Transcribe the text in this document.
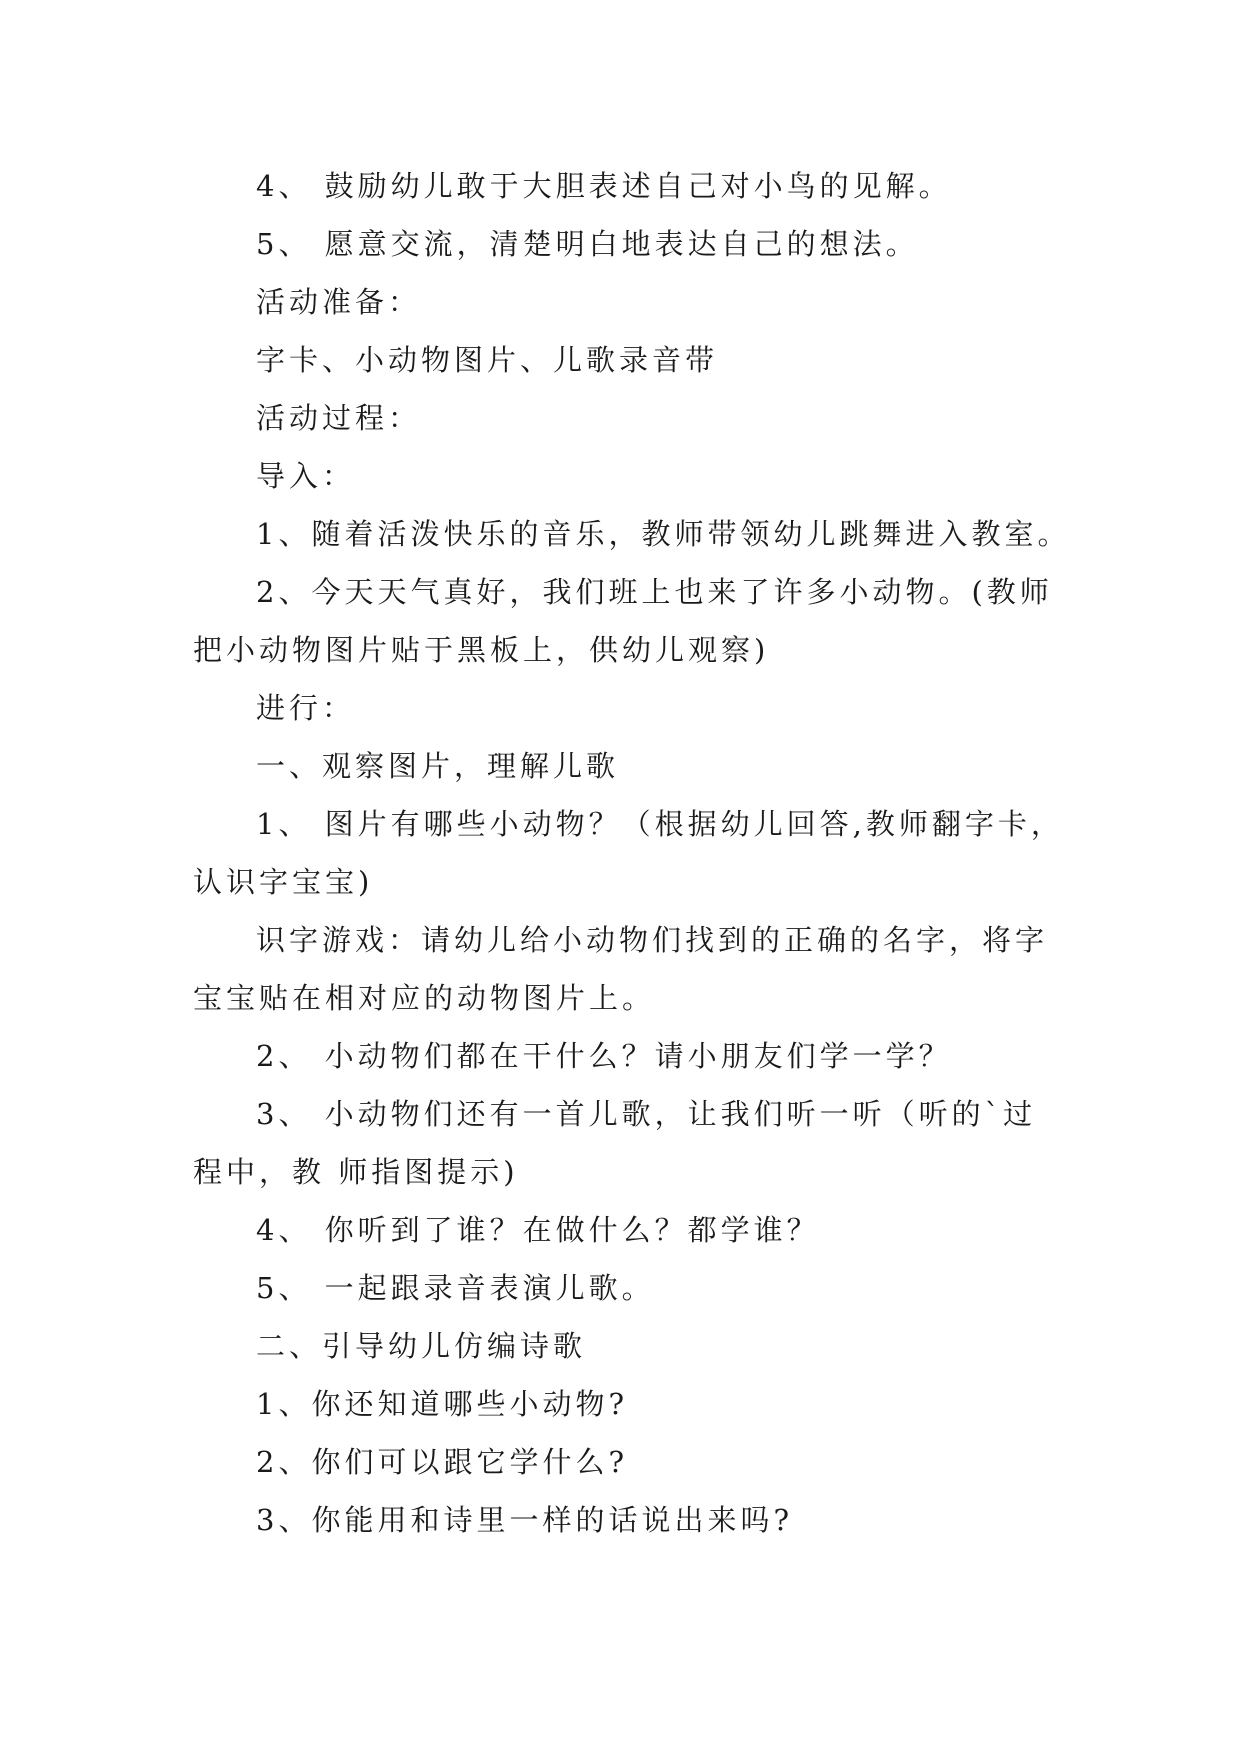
4、 鼓励幼儿敢于大胆表述自己对小鸟的见解。
5、 愿意交流，清楚明白地表达自己的想法。
活动准备：
字卡、小动物图片、儿歌录音带
活动过程：
导入：
1、随着活泼快乐的音乐，教师带领幼儿跳舞进入教室。
2、今天天气真好，我们班上也来了许多小动物。(教师
把小动物图片贴于黑板上，供幼儿观察)
进行：
一、观察图片，理解儿歌
1、 图片有哪些小动物？（根据幼儿回答,教师翻字卡，
认识字宝宝)
识字游戏：请幼儿给小动物们找到的正确的名字，将字
宝宝贴在相对应的动物图片上。
2、 小动物们都在干什么？请小朋友们学一学？
3、 小动物们还有一首儿歌，让我们听一听（听的`过
程中，教 师指图提示)
4、 你听到了谁？在做什么？都学谁？
5、 一起跟录音表演儿歌。
二、引导幼儿仿编诗歌
1、你还知道哪些小动物?
2、你们可以跟它学什么?
3、你能用和诗里一样的话说出来吗?
